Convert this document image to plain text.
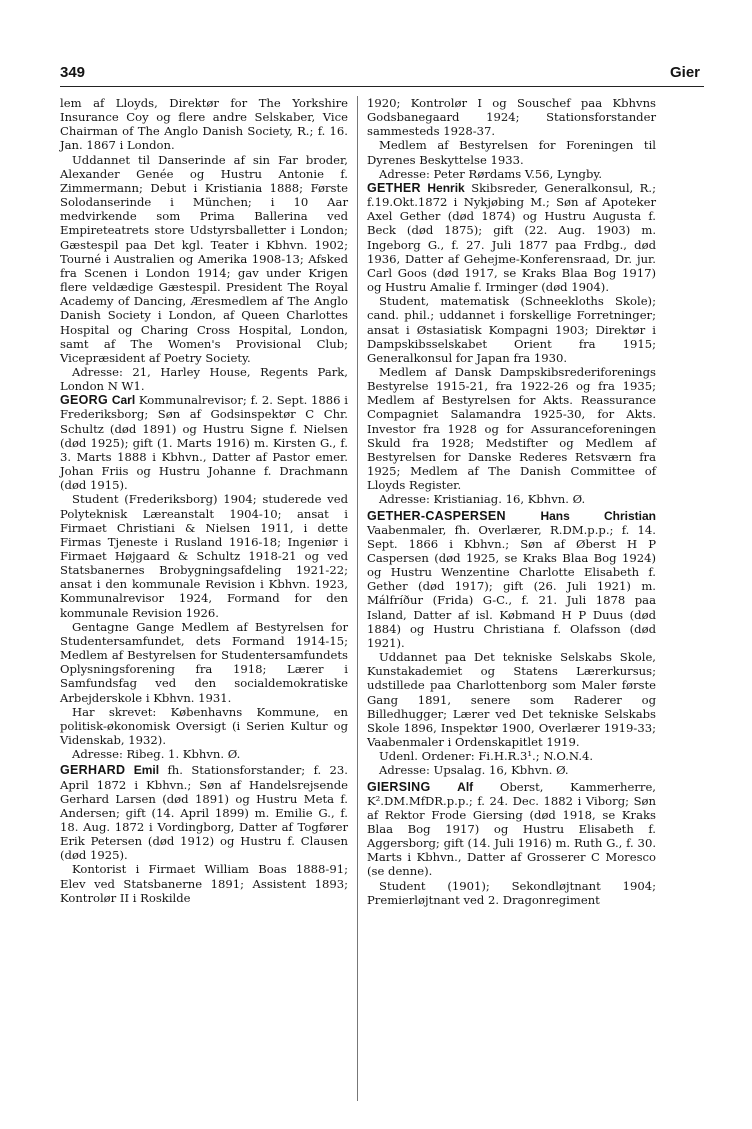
349	Gier

lem af Lloyds, Direktør for The Yorkshire Insurance Coy og flere andre Selskaber, Vice Chairman of The Anglo Danish Society, R.; f. 16. Jan. 1867 i London.

Uddannet til Danserinde af sin Far broder, Alexander Genée og Hustru Antonie f. Zimmermann; Debut i Kristiania 1888; Første Solodanserinde i München; i 10 Aar medvirkende som Prima Ballerina ved Empireteatrets store Udstyrsballetter i London; Gæstespil paa Det kgl. Teater i Kbhvn. 1902; Tourné i Australien og Amerika 1908-13; Afsked fra Scenen i London 1914; gav under Krigen flere veldædige Gæstespil. President The Royal Academy of Dancing, Æresmedlem af The Anglo Danish Society i London, af Queen Charlottes Hospital og Charing Cross Hospital, London, samt af The Women's Provisional Club; Vicepræsident af Poetry Society.

Adresse: 21, Harley House, Regents Park, London N W1.

GEORG Carl Kommunalrevisor; f. 2. Sept. 1886 i Frederiksborg; Søn af Godsinspektør C Chr. Schultz (død 1891) og Hustru Signe f. Nielsen (død 1925); gift (1. Marts 1916) m. Kirsten G., f. 3. Marts 1888 i Kbhvn., Datter af Pastor emer. Johan Friis og Hustru Johanne f. Drachmann (død 1915).

Student (Frederiksborg) 1904; studerede ved Polyteknisk Læreanstalt 1904-10; ansat i Firmaet Christiani & Nielsen 1911, i dette Firmas Tjeneste i Rusland 1916-18; Ingeniør i Firmaet Højgaard & Schultz 1918-21 og ved Statsbanernes Brobygningsafdeling 1921-22; ansat i den kommunale Revision i Kbhvn. 1923, Kommunalrevisor 1924, Formand for den kommunale Revision 1926.

Gentagne Gange Medlem af Bestyrelsen for Studentersamfundet, dets Formand 1914-15; Medlem af Bestyrelsen for Studentersamfundets Oplysningsforening fra 1918; Lærer i Samfundsfag ved den socialdemokratiske Arbejderskole i Kbhvn. 1931.

Har skrevet: Københavns Kommune, en politisk-økonomisk Oversigt (i Serien Kultur og Videnskab, 1932).

Adresse: Ribeg. 1. Kbhvn. Ø.

GERHARD Emil fh. Stationsforstander; f. 23. April 1872 i Kbhvn.; Søn af Handelsrejsende Gerhard Larsen (død 1891) og Hustru Meta f. Andersen; gift (14. April 1899) m. Emilie G., f. 18. Aug. 1872 i Vordingborg, Datter af Togfører Erik Petersen (død 1912) og Hustru f. Clausen (død 1925).

Kontorist i Firmaet William Boas 1888-91; Elev ved Statsbanerne 1891; Assistent 1893; Kontrolør II i Roskilde

1920; Kontrolør I og Souschef paa Kbhvns Godsbanegaard 1924; Stationsforstander sammesteds 1928-37.

Medlem af Bestyrelsen for Foreningen til Dyrenes Beskyttelse 1933.

Adresse: Peter Rørdams V.56, Lyngby.

GETHER Henrik Skibsreder, Generalkonsul, R.; f.19.Okt.1872 i Nykjøbing M.; Søn af Apoteker Axel Gether (død 1874) og Hustru Augusta f. Beck (død 1875); gift (22. Aug. 1903) m. Ingeborg G., f. 27. Juli 1877 paa Frdbg., død 1936, Datter af Gehejme-Konferensraad, Dr. jur. Carl Goos (død 1917, se Kraks Blaa Bog 1917) og Hustru Amalie f. Irminger (død 1904).

Student, matematisk (Schneekloths Skole); cand. phil.; uddannet i forskellige Forretninger; ansat i Østasiatisk Kompagni 1903; Direktør i Dampskibsselskabet Orient fra 1915; Generalkonsul for Japan fra 1930.

Medlem af Dansk Dampskibsrederiforenings Bestyrelse 1915-21, fra 1922-26 og fra 1935; Medlem af Bestyrelsen for Akts. Reassurance Compagniet Salamandra 1925-30, for Akts. Investor fra 1928 og for Assuranceforeningen Skuld fra 1928; Medstifter og Medlem af Bestyrelsen for Danske Rederes Retsværn fra 1925; Medlem af The Danish Committee of Lloyds Register.

Adresse: Kristianiag. 16, Kbhvn. Ø.

GETHER-CASPERSEN	Hans Christian Vaabenmaler, fh. Overlærer, R.DM.p.p.; f. 14. Sept. 1866 i Kbhvn.; Søn af Øberst H P Caspersen (død 1925, se Kraks Blaa Bog 1924) og Hustru Wenzentine Charlotte Elisabeth f. Gether (død 1917); gift (26. Juli 1921) m. Málfríður (Frida) G-C., f. 21. Juli 1878 paa Island, Datter af isl. Købmand H P Duus (død 1884) og Hustru Christiana f. Olafsson (død 1921).

Uddannet paa Det tekniske Selskabs Skole, Kunstakademiet og Statens Lærerkursus; udstillede paa Charlottenborg som Maler første Gang 1891, senere som Raderer og Billedhugger; Lærer ved Det tekniske Selskabs Skole 1896, Inspektør 1900, Overlærer 1919-33; Vaabenmaler i Ordenskapitlet 1919.

Udenl. Ordener: Fi.H.R.3¹.; N.O.N.4.

Adresse: Upsalag. 16, Kbhvn. Ø.

GIERSING Alf Oberst, Kammerherre, K².DM.MfDR.p.p.; f. 24. Dec. 1882 i Viborg; Søn af Rektor Frode Giersing (død 1918, se Kraks Blaa Bog 1917) og Hustru Elisabeth f. Aggersborg; gift (14. Juli 1916) m. Ruth G., f. 30. Marts i Kbhvn., Datter af Grosserer C Moresco (se denne).

Student (1901); Sekondløjtnant 1904; Premierløjtnant ved 2. Dragonregiment
